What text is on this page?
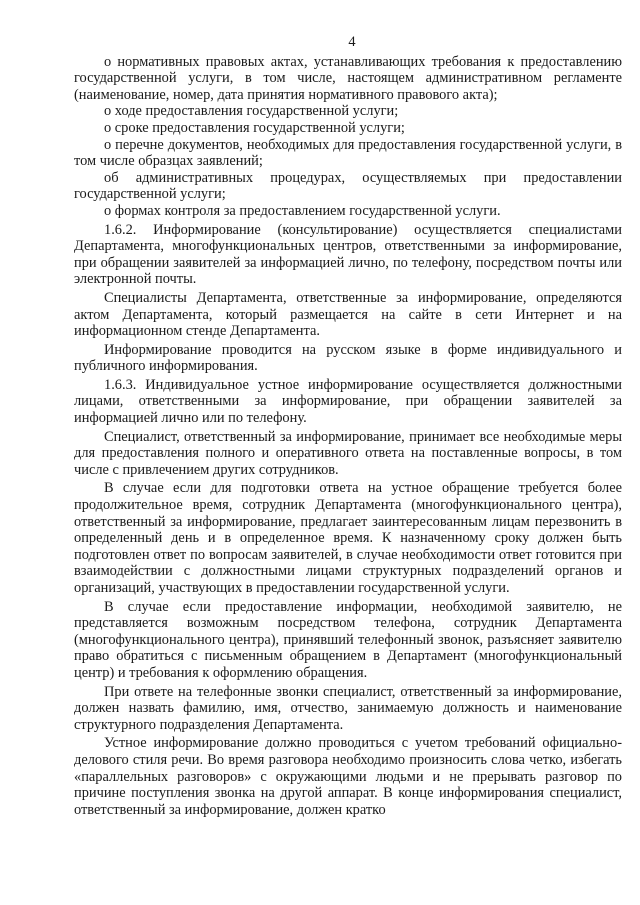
4

о нормативных правовых актах, устанавливающих требования к предоставлению государственной услуги, в том числе, настоящем административном регламенте (наименование, номер, дата принятия нормативного правового акта);

о ходе предоставления государственной услуги;

о сроке предоставления государственной услуги;

о перечне документов, необходимых для предоставления государственной услуги, в том числе образцах заявлений;

об административных процедурах, осуществляемых при предоставлении государственной услуги;

о формах контроля за предоставлением государственной услуги.

1.6.2. Информирование (консультирование) осуществляется специалистами Департамента, многофункциональных центров, ответственными за информирование, при обращении заявителей за информацией лично, по телефону, посредством почты или электронной почты.

Специалисты Департамента, ответственные за информирование, определяются актом Департамента, который размещается на сайте в сети Интернет и на информационном стенде Департамента.

Информирование проводится на русском языке в форме индивидуального и публичного информирования.

1.6.3. Индивидуальное устное информирование осуществляется должностными лицами, ответственными за информирование, при обращении заявителей за информацией лично или по телефону.

Специалист, ответственный за информирование, принимает все необходимые меры для предоставления полного и оперативного ответа на поставленные вопросы, в том числе с привлечением других сотрудников.

В случае если для подготовки ответа на устное обращение требуется более продолжительное время, сотрудник Департамента (многофункционального центра), ответственный за информирование, предлагает заинтересованным лицам перезвонить в определенный день и в определенное время. К назначенному сроку должен быть подготовлен ответ по вопросам заявителей, в случае необходимости ответ готовится при взаимодействии с должностными лицами структурных подразделений органов и организаций, участвующих в предоставлении государственной услуги.

В случае если предоставление информации, необходимой заявителю, не представляется возможным посредством телефона, сотрудник Департамента (многофункционального центра), принявший телефонный звонок, разъясняет заявителю право обратиться с письменным обращением в Департамент (многофункциональный центр) и требования к оформлению обращения.

При ответе на телефонные звонки специалист, ответственный за информирование, должен назвать фамилию, имя, отчество, занимаемую должность и наименование структурного подразделения Департамента.

Устное информирование должно проводиться с учетом требований официально-делового стиля речи. Во время разговора необходимо произносить слова четко, избегать «параллельных разговоров» с окружающими людьми и не прерывать разговор по причине поступления звонка на другой аппарат. В конце информирования специалист, ответственный за информирование, должен кратко
